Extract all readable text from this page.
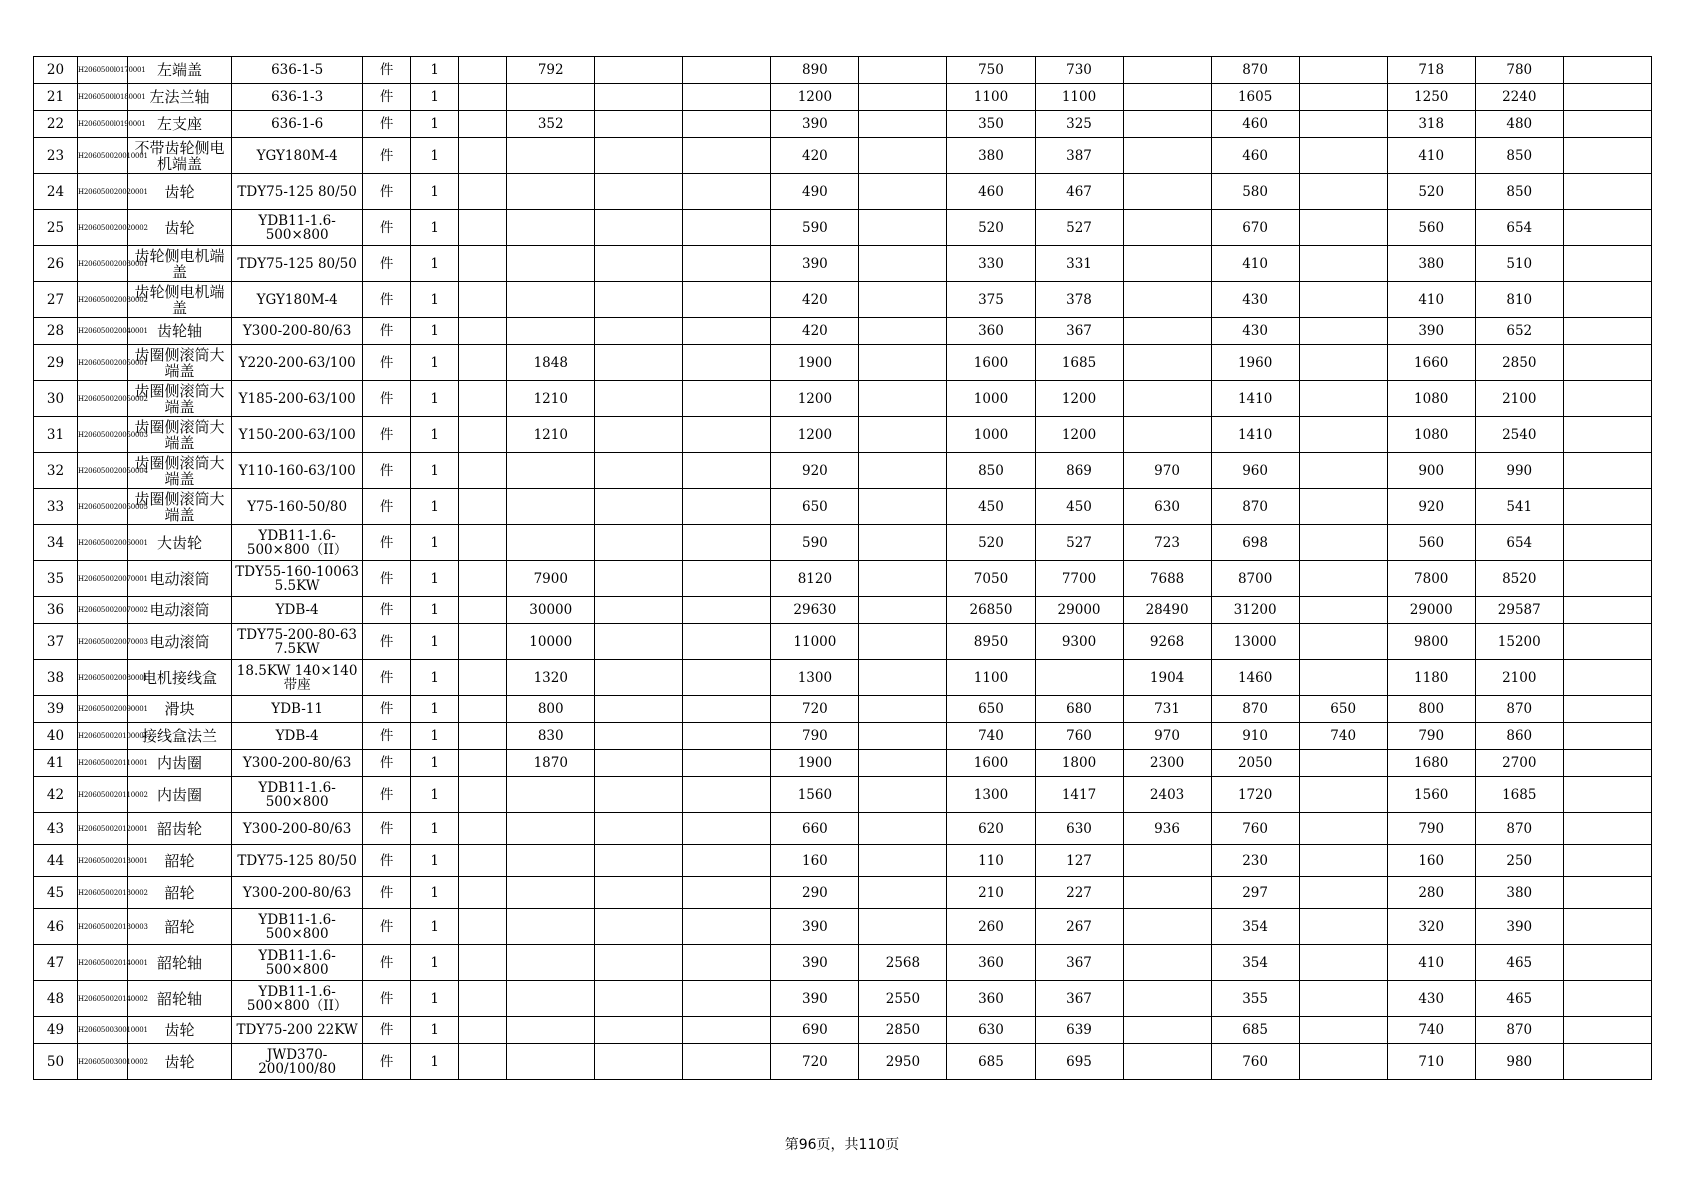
20	H2060500l0170001	左端盖	636-1-5	件	1		792			890		750	730		870		718	780	
21	H2060500l0180001	左法兰轴	636-1-3	件	1					1200		1100	1100		1605		1250	2240	
22	H2060500l0190001	左支座	636-1-6	件	1		352			390		350	325		460		318	480	
23	H206050020010001	不带齿轮侧电机端盖	YGY180M-4	件	1					420		380	387		460		410	850	
24	H206050020020001	齿轮	TDY75-125 80/50	件	1					490		460	467		580		520	850	
25	H206050020020002	齿轮	YDB11-1.6-500×800	件	1					590		520	527		670		560	654	
26	H206050020030001	齿轮侧电机端盖	TDY75-125 80/50	件	1					390		330	331		410		380	510	
27	H206050020030002	齿轮侧电机端盖	YGY180M-4	件	1					420		375	378		430		410	810	
28	H206050020040001	齿轮轴	Y300-200-80/63	件	1					420		360	367		430		390	652	
29	H206050020050001	齿圈侧滚筒大端盖	Y220-200-63/100	件	1		1848			1900		1600	1685		1960		1660	2850	
30	H206050020050002	齿圈侧滚筒大端盖	Y185-200-63/100	件	1		1210			1200		1000	1200		1410		1080	2100	
31	H206050020050003	齿圈侧滚筒大端盖	Y150-200-63/100	件	1		1210			1200		1000	1200		1410		1080	2540	
32	H206050020050004	齿圈侧滚筒大端盖	Y110-160-63/100	件	1					920		850	869	970	960		900	990	
33	H206050020050005	齿圈侧滚筒大端盖	Y75-160-50/80	件	1					650		450	450	630	870		920	541	
34	H206050020060001	大齿轮	YDB11-1.6-500×800（II）	件	1					590		520	527	723	698		560	654	
35	H206050020070001	电动滚筒	TDY55-160-10063 5.5KW	件	1		7900			8120		7050	7700	7688	8700		7800	8520	
36	H206050020070002	电动滚筒	YDB-4	件	1		30000			29630		26850	29000	28490	31200		29000	29587	
37	H206050020070003	电动滚筒	TDY75-200-80-63 7.5KW	件	1		10000			11000		8950	9300	9268	13000		9800	15200	
38	H206050020080001	电机接线盒	18.5KW 140×140带座	件	1		1320			1300		1100		1904	1460		1180	2100	
39	H206050020090001	滑块	YDB-11	件	1		800			720		650	680	731	870	650	800	870	
40	H206050020100001	接线盒法兰	YDB-4	件	1		830			790		740	760	970	910	740	790	860	
41	H206050020110001	内齿圈	Y300-200-80/63	件	1		1870			1900		1600	1800	2300	2050		1680	2700	
42	H206050020110002	内齿圈	YDB11-1.6-500×800	件	1					1560		1300	1417	2403	1720		1560	1685	
43	H206050020120001	韶齿轮	Y300-200-80/63	件	1					660		620	630	936	760		790	870	
44	H206050020130001	韶轮	TDY75-125 80/50	件	1					160		110	127		230		160	250	
45	H206050020130002	韶轮	Y300-200-80/63	件	1					290		210	227		297		280	380	
46	H206050020130003	韶轮	YDB11-1.6-500×800	件	1					390		260	267		354		320	390	
47	H206050020140001	韶轮轴	YDB11-1.6-500×800	件	1					390	2568	360	367		354		410	465	
48	H206050020140002	韶轮轴	YDB11-1.6-500×800（II）	件	1					390	2550	360	367		355		430	465	
49	H206050030010001	齿轮	TDY75-200 22KW	件	1					690	2850	630	639		685		740	870	
50	H206050030010002	齿轮	JWD370-200/100/80	件	1					720	2950	685	695		760		710	980	
第96页，共110页
